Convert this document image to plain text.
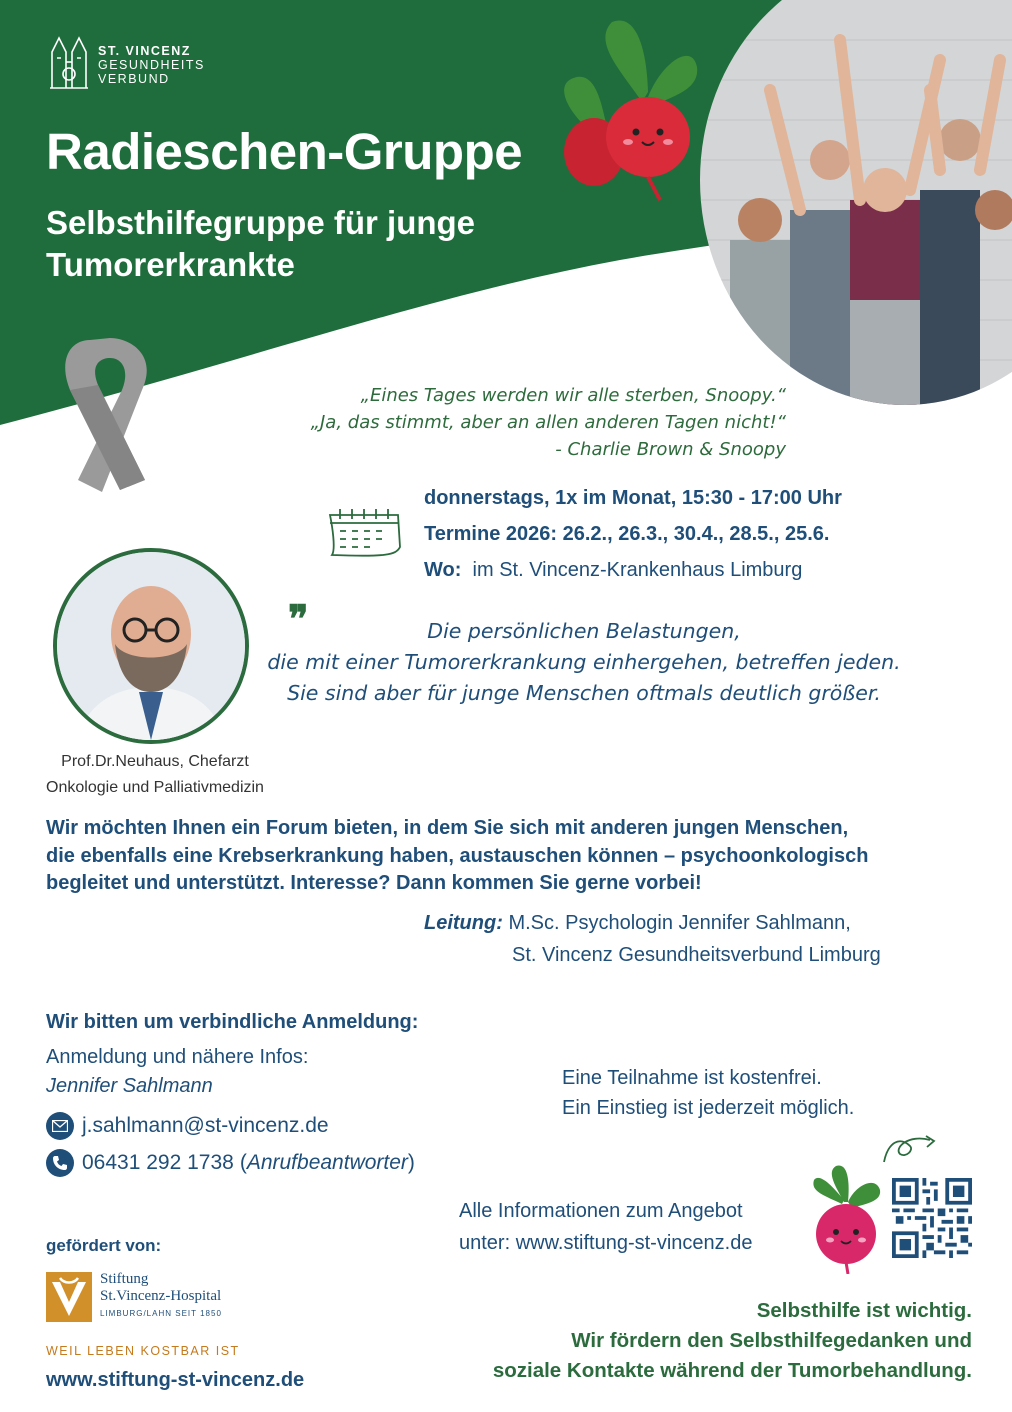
ST. VINCENZ
GESUNDHEITS
VERBUND
Radieschen-Gruppe
Selbsthilfegruppe für junge
Tumorerkrankte
„Eines Tages werden wir alle sterben, Snoopy.“
„Ja, das stimmt, aber an allen anderen Tagen nicht!“
- Charlie Brown & Snoopy
donnerstags, 1x im Monat, 15:30 - 17:00 Uhr
Termine 2026: 26.2., 26.3., 30.4., 28.5., 25.6.
Wo: im St. Vincenz-Krankenhaus Limburg
❞	Die persönlichen Belastungen,
die mit einer Tumorerkrankung einhergehen, betreffen jeden.
Sie sind aber für junge Menschen oftmals deutlich größer.
Prof.Dr.Neuhaus, Chefarzt
Onkologie und Palliativmedizin
Wir möchten Ihnen ein Forum bieten, in dem Sie sich mit anderen jungen Menschen,
die ebenfalls eine Krebserkrankung haben, austauschen können – psychoonkologisch
begleitet und unterstützt. Interesse? Dann kommen Sie gerne vorbei!
Leitung: M.Sc. Psychologin Jennifer Sahlmann,
St. Vincenz Gesundheitsverbund Limburg
Wir bitten um verbindliche Anmeldung:
Anmeldung und nähere Infos:
Jennifer Sahlmann
j.sahlmann@st-vincenz.de
06431 292 1738 ( Anrufbeantworter )
Eine Teilnahme ist kostenfrei.
Ein Einstieg ist jederzeit möglich.
Alle Informationen zum Angebot
unter: www.stiftung-st-vincenz.de
gefördert von:
Stiftung
St.Vincenz-Hospital
LIMBURG/LAHN SEIT 1850
WEIL LEBEN KOSTBAR IST
www.stiftung-st-vincenz.de
Selbsthilfe ist wichtig.
Wir fördern den Selbsthilfegedanken und
soziale Kontakte während der Tumorbehandlung.
